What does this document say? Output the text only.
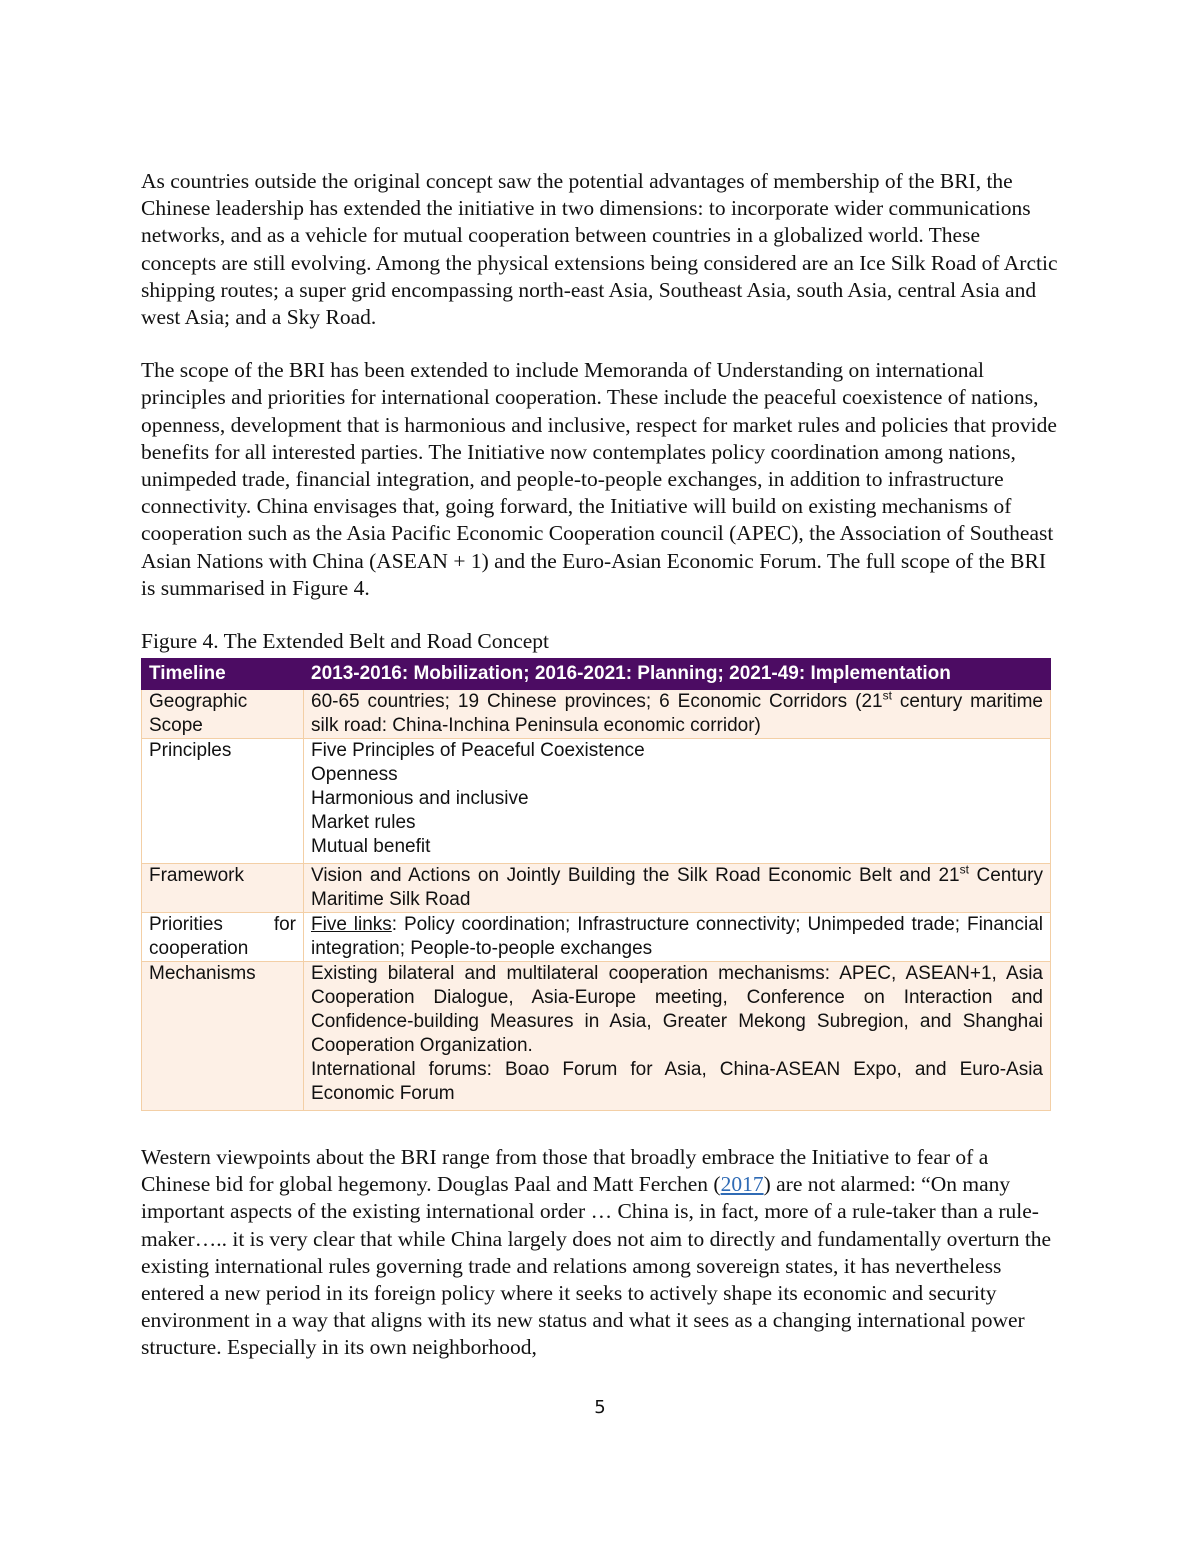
As countries outside the original concept saw the potential advantages of membership of the BRI, the Chinese leadership has extended the initiative in two dimensions: to incorporate wider communications networks, and as a vehicle for mutual cooperation between countries in a globalized world. These concepts are still evolving. Among the physical extensions being considered are an Ice Silk Road of Arctic shipping routes; a super grid encompassing north-east Asia, Southeast Asia, south Asia, central Asia and west Asia; and a Sky Road.

The scope of the BRI has been extended to include Memoranda of Understanding on international principles and priorities for international cooperation. These include the peaceful coexistence of nations, openness, development that is harmonious and inclusive, respect for market rules and policies that provide benefits for all interested parties. The Initiative now contemplates policy coordination among nations, unimpeded trade, financial integration, and people-to-people exchanges, in addition to infrastructure connectivity. China envisages that, going forward, the Initiative will build on existing mechanisms of cooperation such as the Asia Pacific Economic Cooperation council (APEC), the Association of Southeast Asian Nations with China (ASEAN + 1) and the Euro-Asian Economic Forum. The full scope of the BRI is summarised in Figure 4.

Figure 4. The Extended Belt and Road Concept

Timeline	2013-2016: Mobilization; 2016-2021: Planning; 2021-49: Implementation
Geographic Scope	60-65 countries; 19 Chinese provinces; 6 Economic Corridors (21st century maritime silk road: China-Inchina Peninsula economic corridor)
Principles	Five Principles of Peaceful Coexistence
Openness
Harmonious and inclusive
Market rules
Mutual benefit

Framework	Vision and Actions on Jointly Building the Silk Road Economic Belt and 21st Century Maritime Silk Road

Priorities for
cooperation	Five links: Policy coordination; Infrastructure connectivity; Unimpeded trade; Financial integration; People-to-people exchanges
Mechanisms	Existing bilateral and multilateral cooperation mechanisms: APEC, ASEAN+1, Asia Cooperation Dialogue, Asia-Europe meeting, Conference on Interaction and Confidence-building Measures in Asia, Greater Mekong Subregion, and Shanghai Cooperation Organization.
International forums: Boao Forum for Asia, China-ASEAN Expo, and Euro-Asia Economic Forum

Western viewpoints about the BRI range from those that broadly embrace the Initiative to fear of a Chinese bid for global hegemony. Douglas Paal and Matt Ferchen (2017) are not alarmed: “On many important aspects of the existing international order … China is, in fact, more of a rule-taker than a rule-maker….. it is very clear that while China largely does not aim to directly and fundamentally overturn the existing international rules governing trade and relations among sovereign states, it has nevertheless entered a new period in its foreign policy where it seeks to actively shape its economic and security environment in a way that aligns with its new status and what it sees as a changing international power structure. Especially in its own neighborhood,

5
